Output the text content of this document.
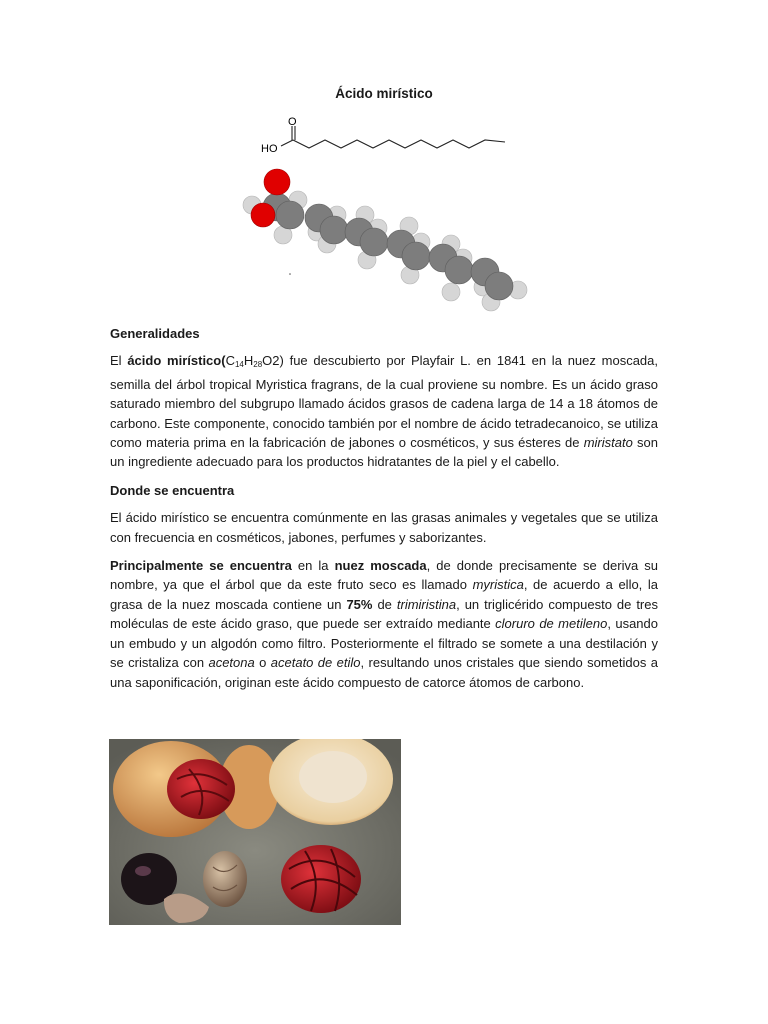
Ácido mirístico
O
HO
Generalidades

El ácido $mirístico(C_{14}H_{28}O2)$ fue descubierto por Playfair L. en 1841 en la nuez moscada, semilla del árbol tropical Myristica fragrans, de la cual proviene su nombre. Es un ácido graso saturado miembro del subgrupo llamado ácidos grasos de cadena larga de 14 a 18 átomos de carbono. Este componente, conocido también por el nombre de ácido tetradecanoico, se utiliza como materia prima en la fabricación de jabones o cosméticos, y sus ésteres de miristato son un ingrediente adecuado para los productos hidratantes de la piel y el cabello.

Donde se encuentra

El ácido mirístico se encuentra comúnmente en las grasas animales y vegetales que se utiliza con frecuencia en cosméticos, jabones, perfumes y saborizantes.

Principalmente se encuentra en la nuez moscada, de donde precisamente se deriva su nombre, ya que el árbol que da este fruto seco es llamado myristica, de acuerdo a ello, la grasa de la nuez moscada contiene un 75% de trimiristina, un triglicérido compuesto de tres moléculas de este ácido graso, que puede ser extraído mediante cloruro de metileno, usando un embudo y un algodón como filtro. Posteriormente el filtrado se somete a una destilación y se cristaliza con acetona o acetato de etilo, resultando unos cristales que siendo sometidos a una saponificación, originan este ácido compuesto de catorce átomos de carbono.
